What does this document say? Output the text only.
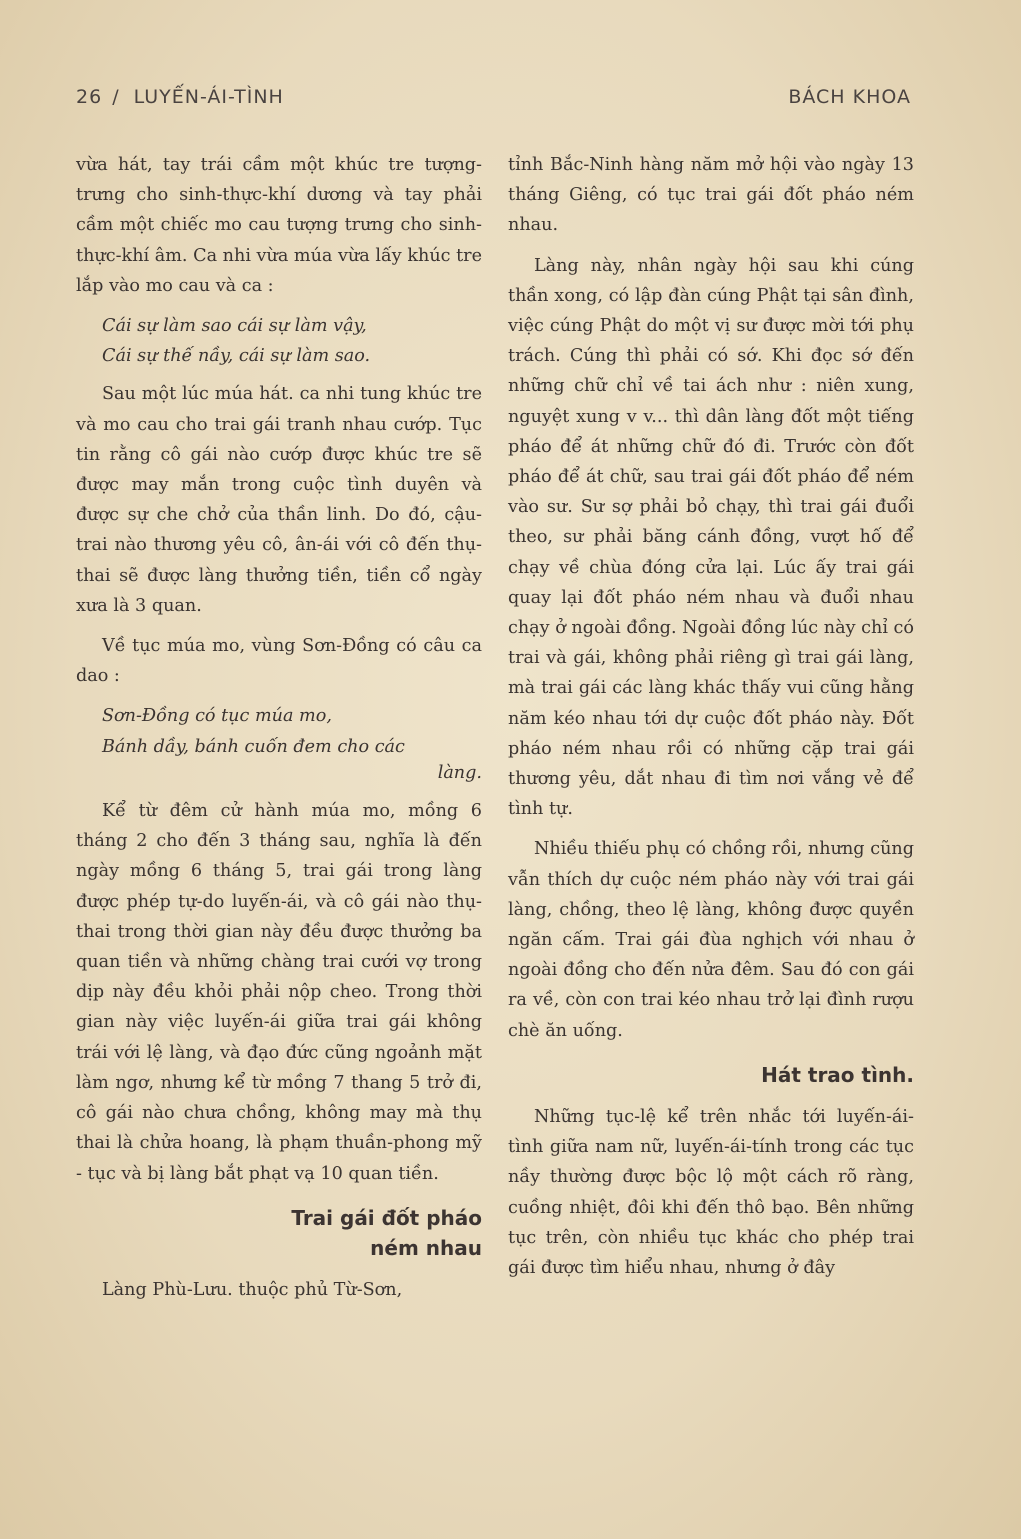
26 / LUYẾN-ÁI-TÌNH	BÁCH KHOA

vừa hát, tay trái cầm một khúc tre tượng-trưng cho sinh-thực-khí dương và tay phải cầm một chiếc mo cau tượng trưng cho sinh-thực-khí âm. Ca nhi vừa múa vừa lấy khúc tre lắp vào mo cau và ca :

Cái sự làm sao cái sự làm vậy,
Cái sự thế nầy, cái sự làm sao.

Sau một lúc múa hát. ca nhi tung khúc tre và mo cau cho trai gái tranh nhau cướp. Tục tin rằng cô gái nào cướp được khúc tre sẽ được may mắn trong cuộc tình duyên và được sự che chở của thần linh. Do đó, cậu-trai nào thương yêu cô, ân-ái với cô đến thụ-thai sẽ được làng thưởng tiền, tiền cổ ngày xưa là 3 quan.

Về tục múa mo, vùng Sơn-Đồng có câu ca dao :

Sơn-Đồng có tục múa mo,
Bánh dầy, bánh cuốn đem cho các
làng.

Kể từ đêm cử hành múa mo, mồng 6 tháng 2 cho đến 3 tháng sau, nghĩa là đến ngày mồng 6 tháng 5, trai gái trong làng được phép tự-do luyến-ái, và cô gái nào thụ-thai trong thời gian này đều được thưởng ba quan tiền và những chàng trai cưới vợ trong dịp này đều khỏi phải nộp cheo. Trong thời gian này việc luyến-ái giữa trai gái không trái với lệ làng, và đạo đức cũng ngoảnh mặt làm ngơ, nhưng kể từ mồng 7 thang 5 trở đi, cô gái nào chưa chồng, không may mà thụ thai là chửa hoang, là phạm thuần-phong mỹ - tục và bị làng bắt phạt vạ 10 quan tiền.

Trai gái đốt pháo
ném nhau

Làng Phù-Lưu. thuộc phủ Từ-Sơn,

tỉnh Bắc-Ninh hàng năm mở hội vào ngày 13 tháng Giêng, có tục trai gái đốt pháo ném nhau.

Làng này, nhân ngày hội sau khi cúng thần xong, có lập đàn cúng Phật tại sân đình, việc cúng Phật do một vị sư được mời tới phụ trách. Cúng thì phải có sớ. Khi đọc sớ đến những chữ chỉ về tai ách như : niên xung, nguyệt xung v v... thì dân làng đốt một tiếng pháo để át những chữ đó đi. Trước còn đốt pháo để át chữ, sau trai gái đốt pháo để ném vào sư. Sư sợ phải bỏ chạy, thì trai gái đuổi theo, sư phải băng cánh đồng, vượt hố để chạy về chùa đóng cửa lại. Lúc ấy trai gái quay lại đốt pháo ném nhau và đuổi nhau chạy ở ngoài đồng. Ngoài đồng lúc này chỉ có trai và gái, không phải riêng gì trai gái làng, mà trai gái các làng khác thấy vui cũng hằng năm kéo nhau tới dự cuộc đốt pháo này. Đốt pháo ném nhau rồi có những cặp trai gái thương yêu, dắt nhau đi tìm nơi vắng vẻ để tình tự.

Nhiều thiếu phụ có chồng rồi, nhưng cũng vẫn thích dự cuộc ném pháo này với trai gái làng, chồng, theo lệ làng, không được quyền ngăn cấm. Trai gái đùa nghịch với nhau ở ngoài đồng cho đến nửa đêm. Sau đó con gái ra về, còn con trai kéo nhau trở lại đình rượu chè ăn uống.

Hát trao tình.

Những tục-lệ kể trên nhắc tới luyến-ái-tình giữa nam nữ, luyến-ái-tính trong các tục nầy thường được bộc lộ một cách rõ ràng, cuồng nhiệt, đôi khi đến thô bạo. Bên những tục trên, còn nhiều tục khác cho phép trai gái được tìm hiểu nhau, nhưng ở đây
